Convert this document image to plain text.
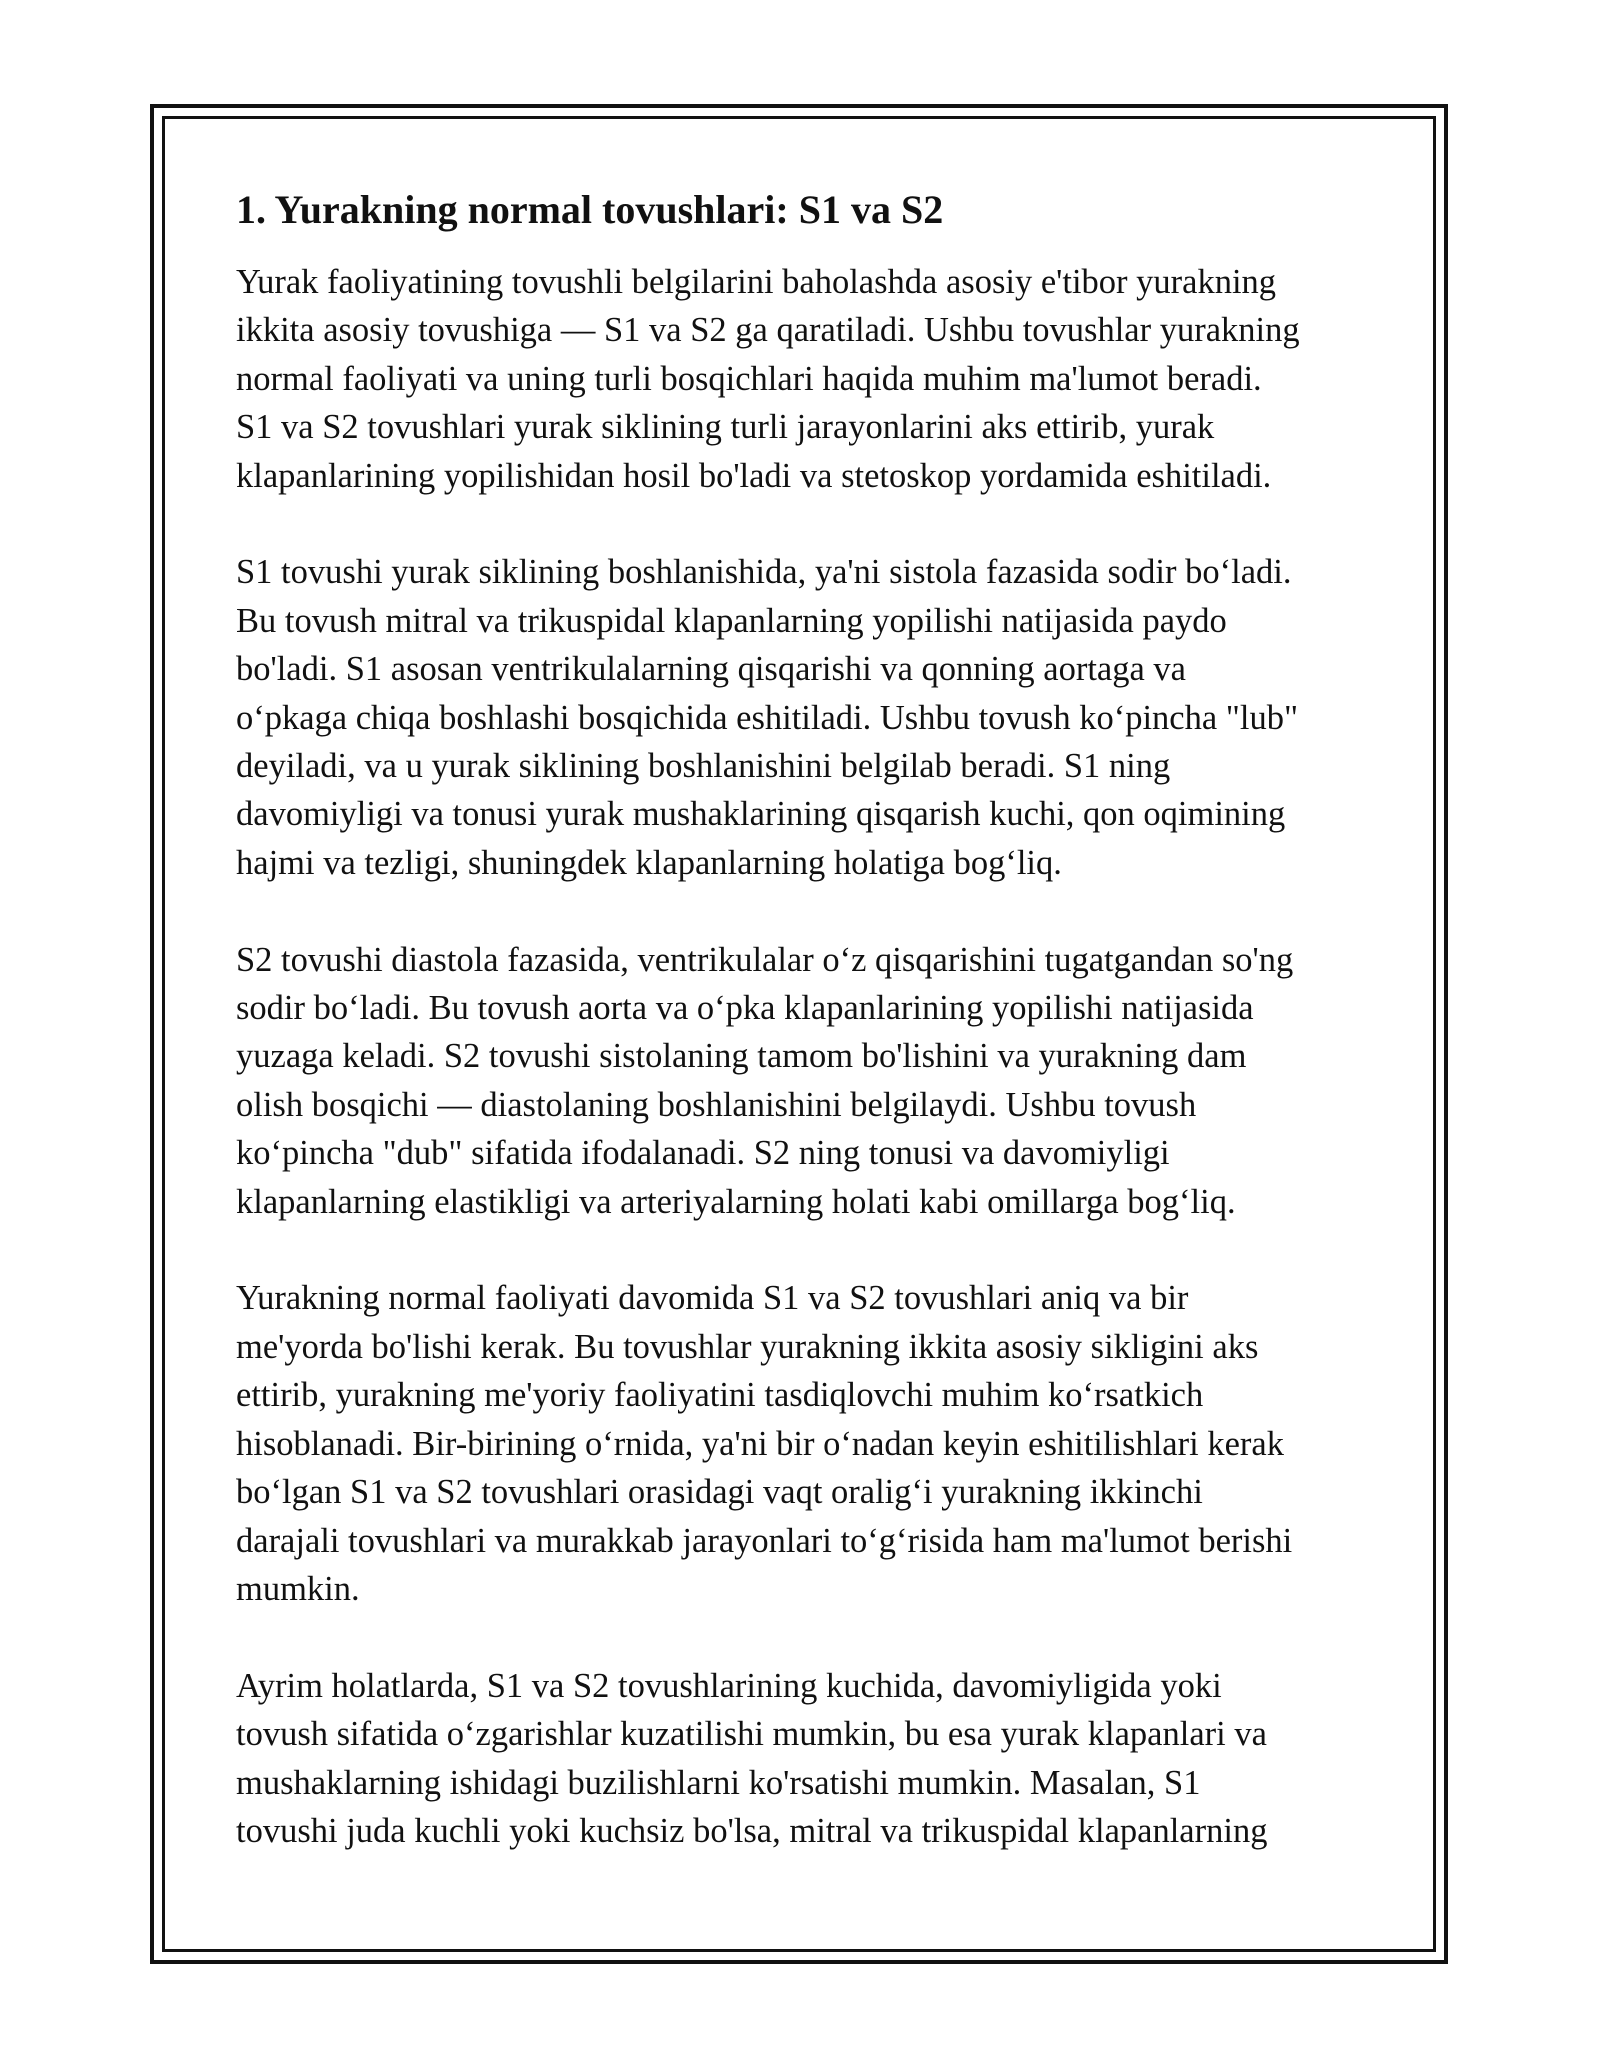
1. Yurakning normal tovushlari: S1 va S2

Yurak faoliyatining tovushli belgilarini baholashda asosiy e'tibor yurakning
ikkita asosiy tovushiga — S1 va S2 ga qaratiladi. Ushbu tovushlar yurakning
normal faoliyati va uning turli bosqichlari haqida muhim ma'lumot beradi.
S1 va S2 tovushlari yurak siklining turli jarayonlarini aks ettirib, yurak
klapanlarining yopilishidan hosil bo'ladi va stetoskop yordamida eshitiladi.

S1 tovushi yurak siklining boshlanishida, ya'ni sistola fazasida sodir bo‘ladi.
Bu tovush mitral va trikuspidal klapanlarning yopilishi natijasida paydo
bo'ladi. S1 asosan ventrikulalarning qisqarishi va qonning aortaga va
o‘pkaga chiqa boshlashi bosqichida eshitiladi. Ushbu tovush ko‘pincha "lub"
deyiladi, va u yurak siklining boshlanishini belgilab beradi. S1 ning
davomiyligi va tonusi yurak mushaklarining qisqarish kuchi, qon oqimining
hajmi va tezligi, shuningdek klapanlarning holatiga bog‘liq.

S2 tovushi diastola fazasida, ventrikulalar o‘z qisqarishini tugatgandan so'ng
sodir bo‘ladi. Bu tovush aorta va o‘pka klapanlarining yopilishi natijasida
yuzaga keladi. S2 tovushi sistolaning tamom bo'lishini va yurakning dam
olish bosqichi — diastolaning boshlanishini belgilaydi. Ushbu tovush
ko‘pincha "dub" sifatida ifodalanadi. S2 ning tonusi va davomiyligi
klapanlarning elastikligi va arteriyalarning holati kabi omillarga bog‘liq.

Yurakning normal faoliyati davomida S1 va S2 tovushlari aniq va bir
me'yorda bo'lishi kerak. Bu tovushlar yurakning ikkita asosiy sikligini aks
ettirib, yurakning me'yoriy faoliyatini tasdiqlovchi muhim ko‘rsatkich
hisoblanadi. Bir-birining o‘rnida, ya'ni bir o‘nadan keyin eshitilishlari kerak
bo‘lgan S1 va S2 tovushlari orasidagi vaqt oralig‘i yurakning ikkinchi
darajali tovushlari va murakkab jarayonlari to‘g‘risida ham ma'lumot berishi
mumkin.

Ayrim holatlarda, S1 va S2 tovushlarining kuchida, davomiyligida yoki
tovush sifatida o‘zgarishlar kuzatilishi mumkin, bu esa yurak klapanlari va
mushaklarning ishidagi buzilishlarni ko'rsatishi mumkin. Masalan, S1
tovushi juda kuchli yoki kuchsiz bo'lsa, mitral va trikuspidal klapanlarning
